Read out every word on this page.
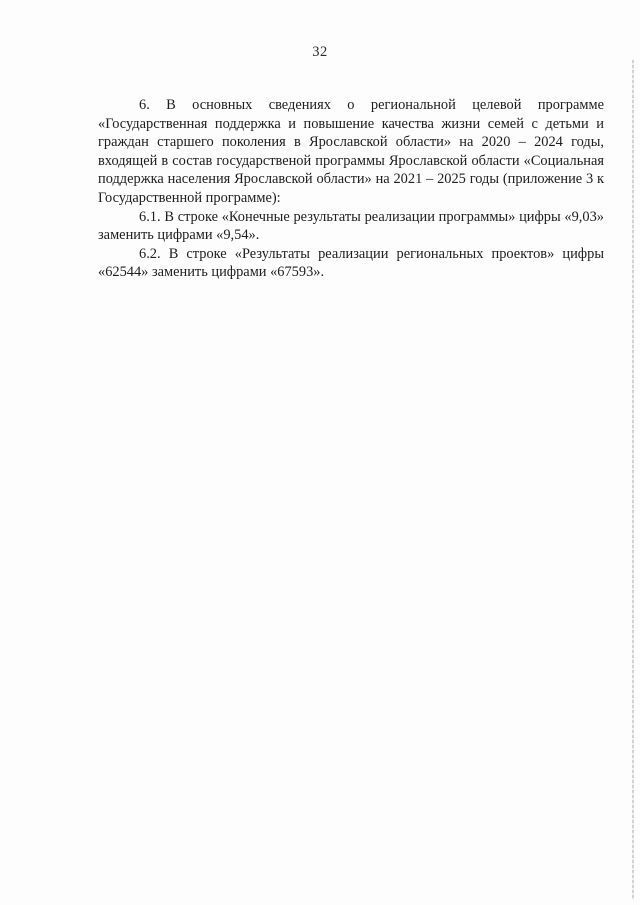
32

6. В основных сведениях о региональной целевой программе «Государственная поддержка и повышение качества жизни семей с детьми и граждан старшего поколения в Ярославской области» на 2020 – 2024 годы, входящей в состав государственой программы Ярославской области «Социальная поддержка населения Ярославской области» на 2021 – 2025 годы (приложение 3 к Государственной программе):

6.1. В строке «Конечные результаты реализации программы» цифры «9,03» заменить цифрами «9,54».

6.2. В строке «Результаты реализации региональных проектов» цифры «62544» заменить цифрами «67593».
